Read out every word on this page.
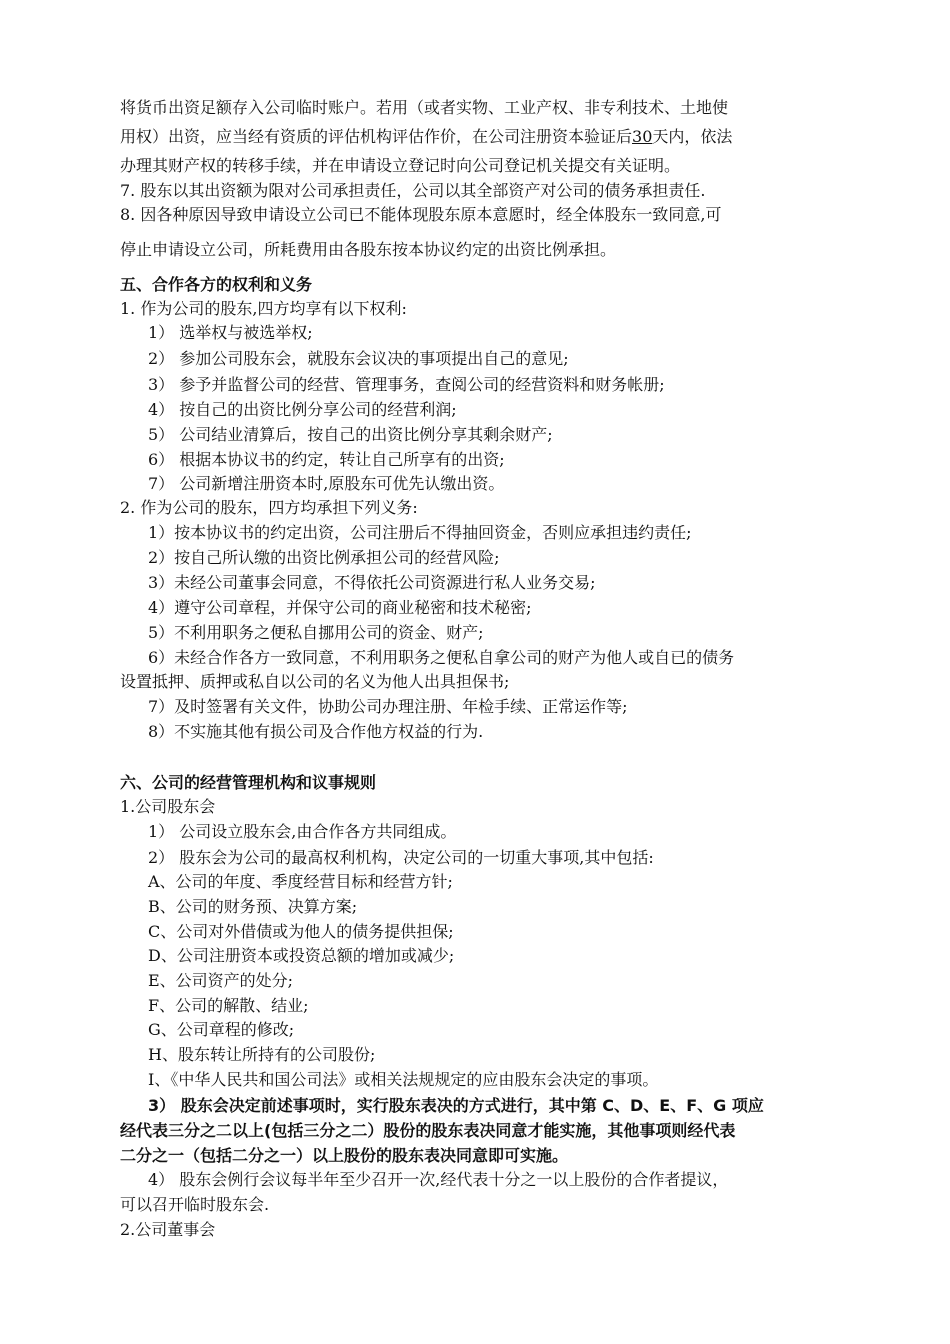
将货币出资足额存入公司临时账户。若用（或者实物、工业产权、非专利技术、土地使
用权）出资，应当经有资质的评估机构评估作价，在公司注册资本验证后30天内，依法
办理其财产权的转移手续，并在申请设立登记时向公司登记机关提交有关证明。
7. 股东以其出资额为限对公司承担责任，公司以其全部资产对公司的债务承担责任.
8. 因各种原因导致申请设立公司已不能体现股东原本意愿时，经全体股东一致同意,可
停止申请设立公司，所耗费用由各股东按本协议约定的出资比例承担。
五、合作各方的权利和义务
1. 作为公司的股东,四方均享有以下权利:
1） 选举权与被选举权;
2） 参加公司股东会，就股东会议决的事项提出自己的意见;
3） 参予并监督公司的经营、管理事务，查阅公司的经营资料和财务帐册;
4） 按自己的出资比例分享公司的经营利润;
5） 公司结业清算后，按自己的出资比例分享其剩余财产;
6） 根据本协议书的约定，转让自己所享有的出资;
7） 公司新增注册资本时,原股东可优先认缴出资。
2. 作为公司的股东，四方均承担下列义务:
1）按本协议书的约定出资，公司注册后不得抽回资金，否则应承担违约责任;
2）按自己所认缴的出资比例承担公司的经营风险;
3）未经公司董事会同意，不得依托公司资源进行私人业务交易;
4）遵守公司章程，并保守公司的商业秘密和技术秘密;
5）不利用职务之便私自挪用公司的资金、财产;
6）未经合作各方一致同意，不利用职务之便私自拿公司的财产为他人或自已的债务
设置抵押、质押或私自以公司的名义为他人出具担保书;
7）及时签署有关文件，协助公司办理注册、年检手续、正常运作等;
8）不实施其他有损公司及合作他方权益的行为.
六、公司的经营管理机构和议事规则
1.公司股东会
1） 公司设立股东会,由合作各方共同组成。
2） 股东会为公司的最高权利机构，决定公司的一切重大事项,其中包括:
A、公司的年度、季度经营目标和经营方针;
B、公司的财务预、决算方案;
C、公司对外借债或为他人的债务提供担保;
D、公司注册资本或投资总额的增加或减少;
E、公司资产的处分;
F、公司的解散、结业;
G、公司章程的修改;
H、股东转让所持有的公司股份;
I、《中华人民共和国公司法》或相关法规规定的应由股东会决定的事项。
3） 股东会决定前述事项时，实行股东表决的方式进行，其中第 C、D、E、F、G 项应
经代表三分之二以上(包括三分之二）股份的股东表决同意才能实施，其他事项则经代表
二分之一（包括二分之一）以上股份的股东表决同意即可实施。
4） 股东会例行会议每半年至少召开一次,经代表十分之一以上股份的合作者提议，
可以召开临时股东会.
2.公司董事会
